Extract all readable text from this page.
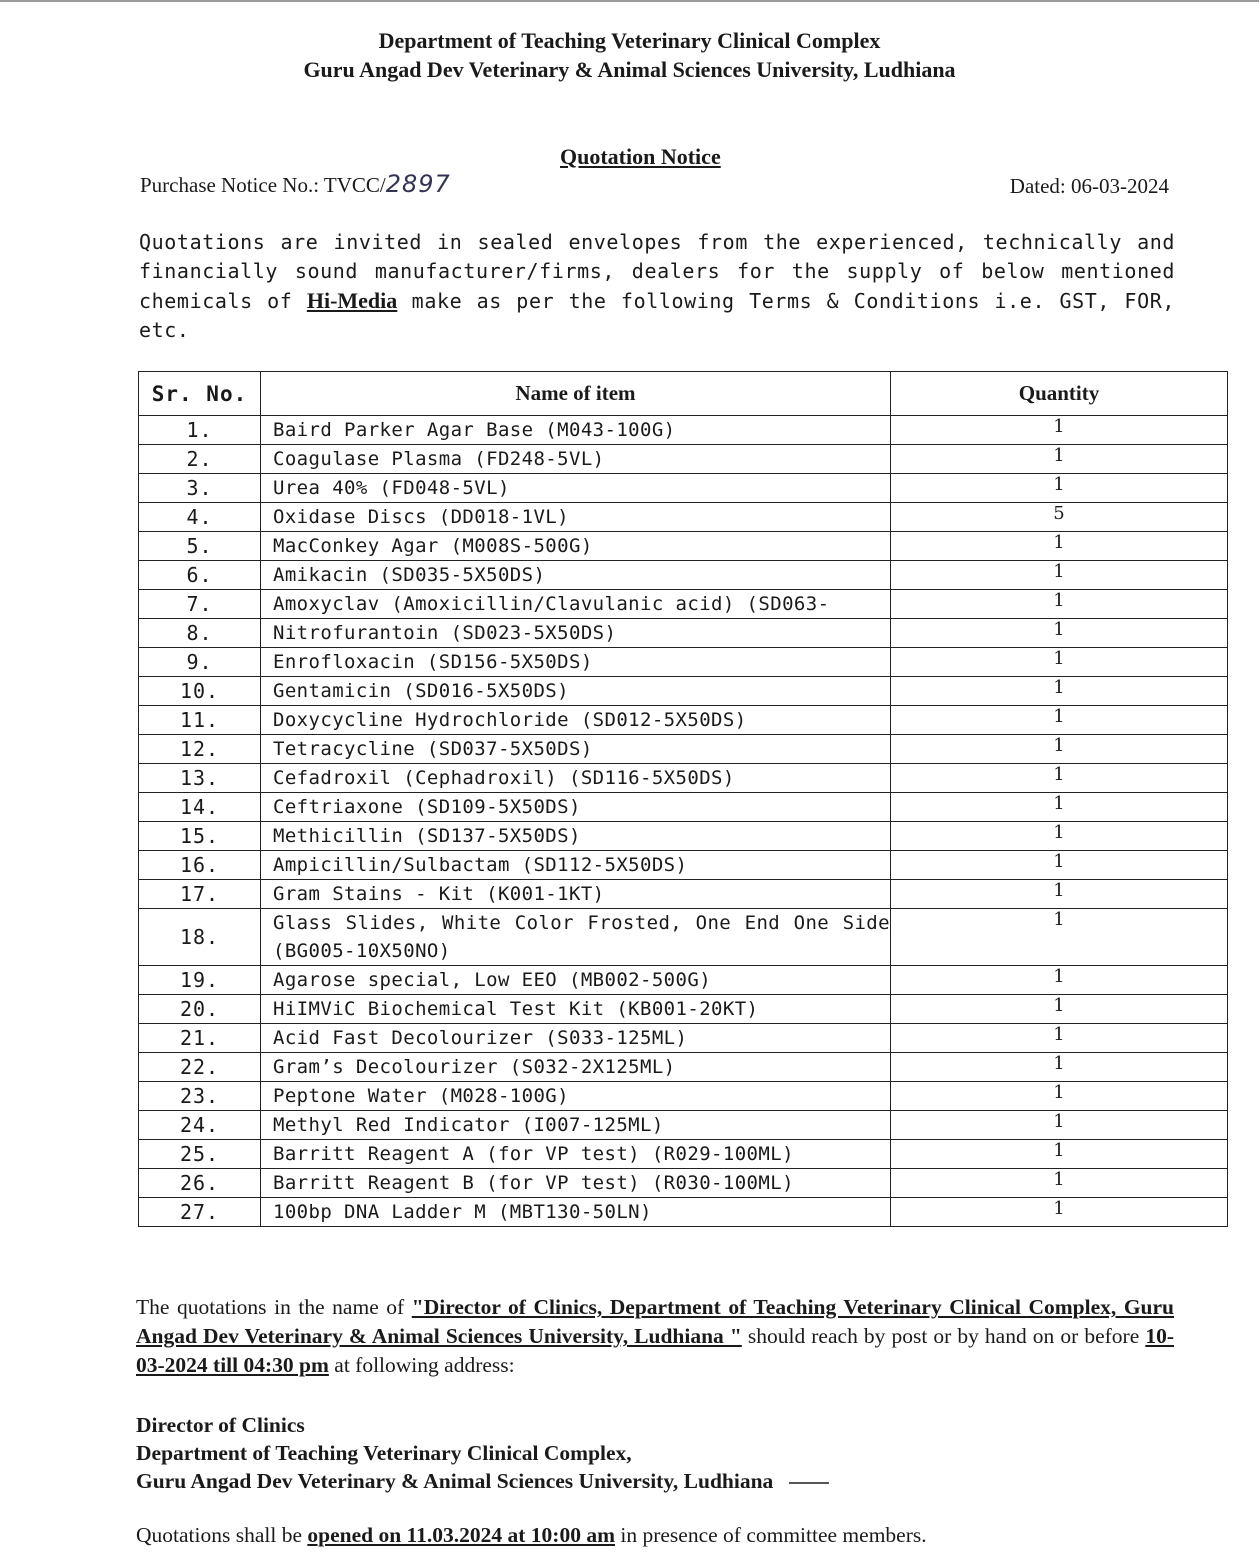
Department of Teaching Veterinary Clinical Complex
Guru Angad Dev Veterinary & Animal Sciences University, Ludhiana
Quotation Notice
Purchase Notice No.: TVCC/2897	Dated: 06-03-2024
Quotations are invited in sealed envelopes from the experienced, technically and financially sound manufacturer/firms, dealers for the supply of below mentioned chemicals of Hi-Media make as per the following Terms & Conditions i.e. GST, FOR, etc.
Sr. No.	Name of item	Quantity
1.	Baird Parker Agar Base (M043-100G)	1
2.	Coagulase Plasma (FD248-5VL)	1
3.	Urea 40% (FD048-5VL)	1
4.	Oxidase Discs (DD018-1VL)	5
5.	MacConkey Agar (M008S-500G)	1
6.	Amikacin (SD035-5X50DS)	1
7.	Amoxyclav (Amoxicillin/Clavulanic acid) (SD063-	1
8.	Nitrofurantoin (SD023-5X50DS)	1
9.	Enrofloxacin (SD156-5X50DS)	1
10.	Gentamicin (SD016-5X50DS)	1
11.	Doxycycline Hydrochloride (SD012-5X50DS)	1
12.	Tetracycline (SD037-5X50DS)	1
13.	Cefadroxil (Cephadroxil) (SD116-5X50DS)	1
14.	Ceftriaxone (SD109-5X50DS)	1
15.	Methicillin (SD137-5X50DS)	1
16.	Ampicillin/Sulbactam (SD112-5X50DS)	1
17.	Gram Stains - Kit (K001-1KT)	1
18.	Glass Slides, White Color Frosted, One End One Side (BG005-10X50NO)	1
19.	Agarose special, Low EEO (MB002-500G)	1
20.	HiIMViC Biochemical Test Kit (KB001-20KT)	1
21.	Acid Fast Decolourizer (S033-125ML)	1
22.	Gram’s Decolourizer (S032-2X125ML)	1
23.	Peptone Water (M028-100G)	1
24.	Methyl Red Indicator (I007-125ML)	1
25.	Barritt Reagent A (for VP test) (R029-100ML)	1
26.	Barritt Reagent B (for VP test) (R030-100ML)	1
27.	100bp DNA Ladder M (MBT130-50LN)	1
The quotations in the name of "Director of Clinics, Department of Teaching Veterinary Clinical Complex, Guru Angad Dev Veterinary & Animal Sciences University, Ludhiana " should reach by post or by hand on or before 10-03-2024 till 04:30 pm at following address:
Director of Clinics
Department of Teaching Veterinary Clinical Complex,
Guru Angad Dev Veterinary & Animal Sciences University, Ludhiana
Quotations shall be opened on 11.03.2024 at 10:00 am in presence of committee members.
